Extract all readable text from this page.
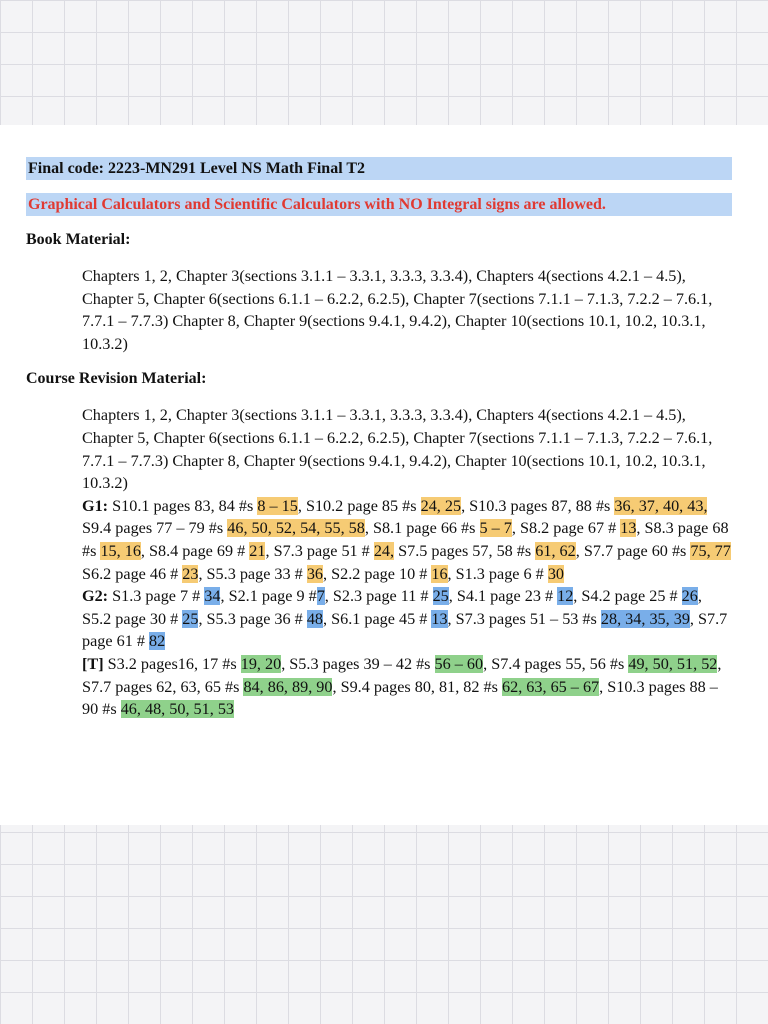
Final code: 2223-MN291 Level NS Math Final T2
Graphical Calculators and Scientific Calculators with NO Integral signs are allowed.
Book Material:
Chapters 1, 2, Chapter 3(sections 3.1.1 – 3.3.1, 3.3.3, 3.3.4), Chapters 4(sections 4.2.1 – 4.5), Chapter 5, Chapter 6(sections 6.1.1 – 6.2.2, 6.2.5), Chapter 7(sections 7.1.1 – 7.1.3, 7.2.2 – 7.6.1, 7.7.1 – 7.7.3) Chapter 8, Chapter 9(sections 9.4.1, 9.4.2), Chapter 10(sections 10.1, 10.2, 10.3.1, 10.3.2)
Course Revision Material:
Chapters 1, 2, Chapter 3(sections 3.1.1 – 3.3.1, 3.3.3, 3.3.4), Chapters 4(sections 4.2.1 – 4.5), Chapter 5, Chapter 6(sections 6.1.1 – 6.2.2, 6.2.5), Chapter 7(sections 7.1.1 – 7.1.3, 7.2.2 – 7.6.1, 7.7.1 – 7.7.3) Chapter 8, Chapter 9(sections 9.4.1, 9.4.2), Chapter 10(sections 10.1, 10.2, 10.3.1, 10.3.2)
G1: S10.1 pages 83, 84 #s 8 – 15, S10.2 page 85 #s 24, 25, S10.3 pages 87, 88 #s 36, 37, 40, 43, S9.4 pages 77 – 79 #s 46, 50, 52, 54, 55, 58, S8.1 page 66 #s 5 – 7, S8.2 page 67 # 13, S8.3 page 68 #s 15, 16, S8.4 page 69 # 21, S7.3 page 51 # 24, S7.5 pages 57, 58 #s 61, 62, S7.7 page 60 #s 75, 77
S6.2 page 46 # 23, S5.3 page 33 # 36, S2.2 page 10 # 16, S1.3 page 6 # 30
G2: S1.3 page 7 # 34, S2.1 page 9 #7, S2.3 page 11 # 25, S4.1 page 23 # 12, S4.2 page 25 # 26, S5.2 page 30 # 25, S5.3 page 36 # 48, S6.1 page 45 # 13, S7.3 pages 51 – 53 #s 28, 34, 35, 39, S7.7 page 61 # 82
[T] S3.2 pages16, 17 #s 19, 20, S5.3 pages 39 – 42 #s 56 – 60, S7.4 pages 55, 56 #s 49, 50, 51, 52, S7.7 pages 62, 63, 65 #s 84, 86, 89, 90, S9.4 pages 80, 81, 82 #s 62, 63, 65 – 67, S10.3 pages 88 – 90 #s 46, 48, 50, 51, 53
